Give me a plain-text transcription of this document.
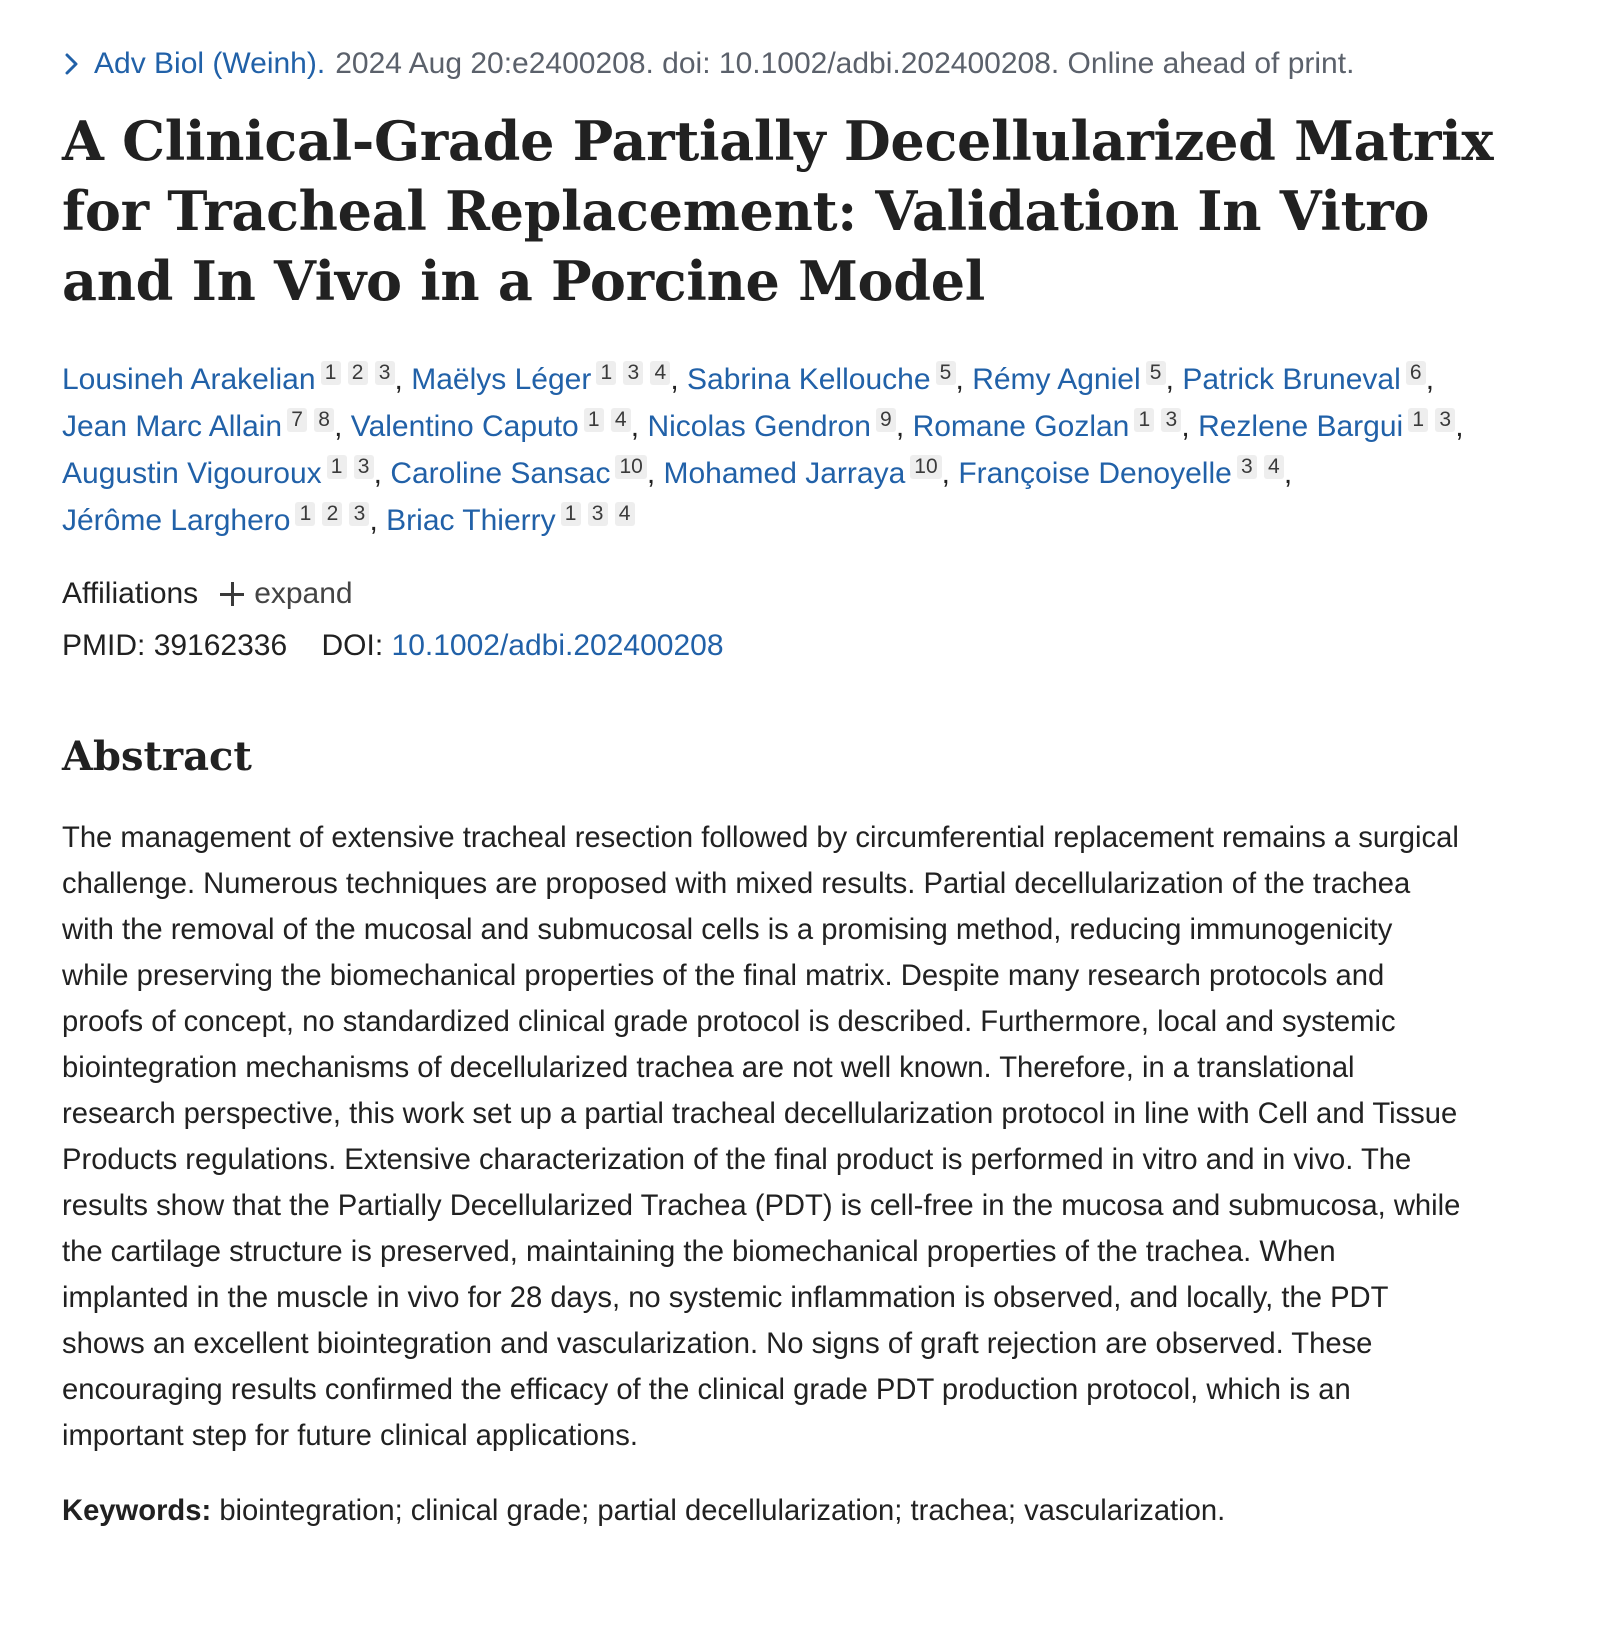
Adv Biol (Weinh). 2024 Aug 20:e2400208. doi: 10.1002/adbi.202400208. Online ahead of print.
A Clinical-Grade Partially Decellularized Matrix for Tracheal Replacement: Validation In Vitro and In Vivo in a Porcine Model
Lousineh Arakelian 1 2 3 , Maëlys Léger 1 3 4 , Sabrina Kellouche 5 , Rémy Agniel 5 , Patrick Bruneval 6 , Jean Marc Allain 7 8 , Valentino Caputo 1 4 , Nicolas Gendron 9 , Romane Gozlan 1 3 , Rezlene Bargui 1 3 , Augustin Vigouroux 1 3 , Caroline Sansac 10 , Mohamed Jarraya 10 , Françoise Denoyelle 3 4 , Jérôme Larghero 1 2 3 , Briac Thierry 1 3 4
Affiliations expand
PMID: 39162336 DOI: 10.1002/adbi.202400208
Abstract

The management of extensive tracheal resection followed by circumferential replacement remains a surgical challenge. Numerous techniques are proposed with mixed results. Partial decellularization of the trachea with the removal of the mucosal and submucosal cells is a promising method, reducing immunogenicity while preserving the biomechanical properties of the final matrix. Despite many research protocols and proofs of concept, no standardized clinical grade protocol is described. Furthermore, local and systemic biointegration mechanisms of decellularized trachea are not well known. Therefore, in a translational research perspective, this work set up a partial tracheal decellularization protocol in line with Cell and Tissue Products regulations. Extensive characterization of the final product is performed in vitro and in vivo. The results show that the Partially Decellularized Trachea (PDT) is cell-free in the mucosa and submucosa, while the cartilage structure is preserved, maintaining the biomechanical properties of the trachea. When implanted in the muscle in vivo for 28 days, no systemic inflammation is observed, and locally, the PDT shows an excellent biointegration and vascularization. No signs of graft rejection are observed. These encouraging results confirmed the efficacy of the clinical grade PDT production protocol, which is an important step for future clinical applications.

Keywords: biointegration; clinical grade; partial decellularization; trachea; vascularization.
